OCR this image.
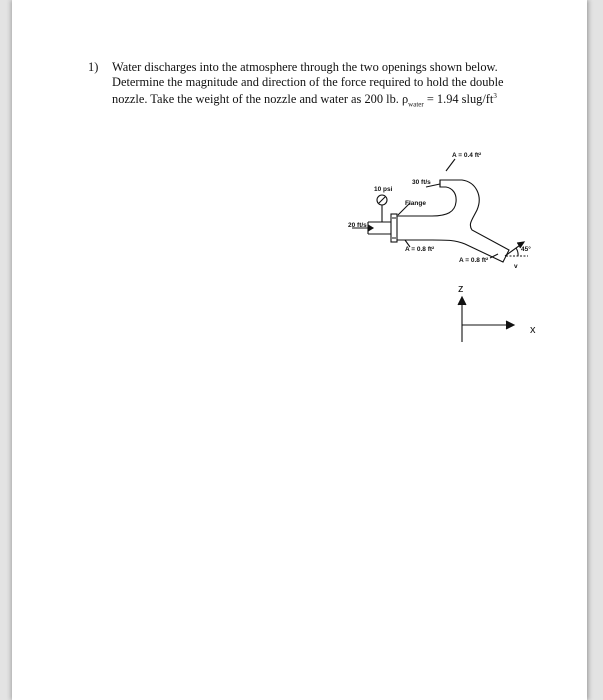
1) Water discharges into the atmosphere through the two openings shown below.
Determine the magnitude and direction of the force required to hold the double
nozzle. Take the weight of the nozzle and water as 200 lb. $\rho_{water} = 1.94$ slug/$ft^3$
A = 0.4 ft²
30 ft/s
10 psi
Flange
20 ft/s
A = 0.8 ft²
A = 0.8 ft²
45°
v
z
x
